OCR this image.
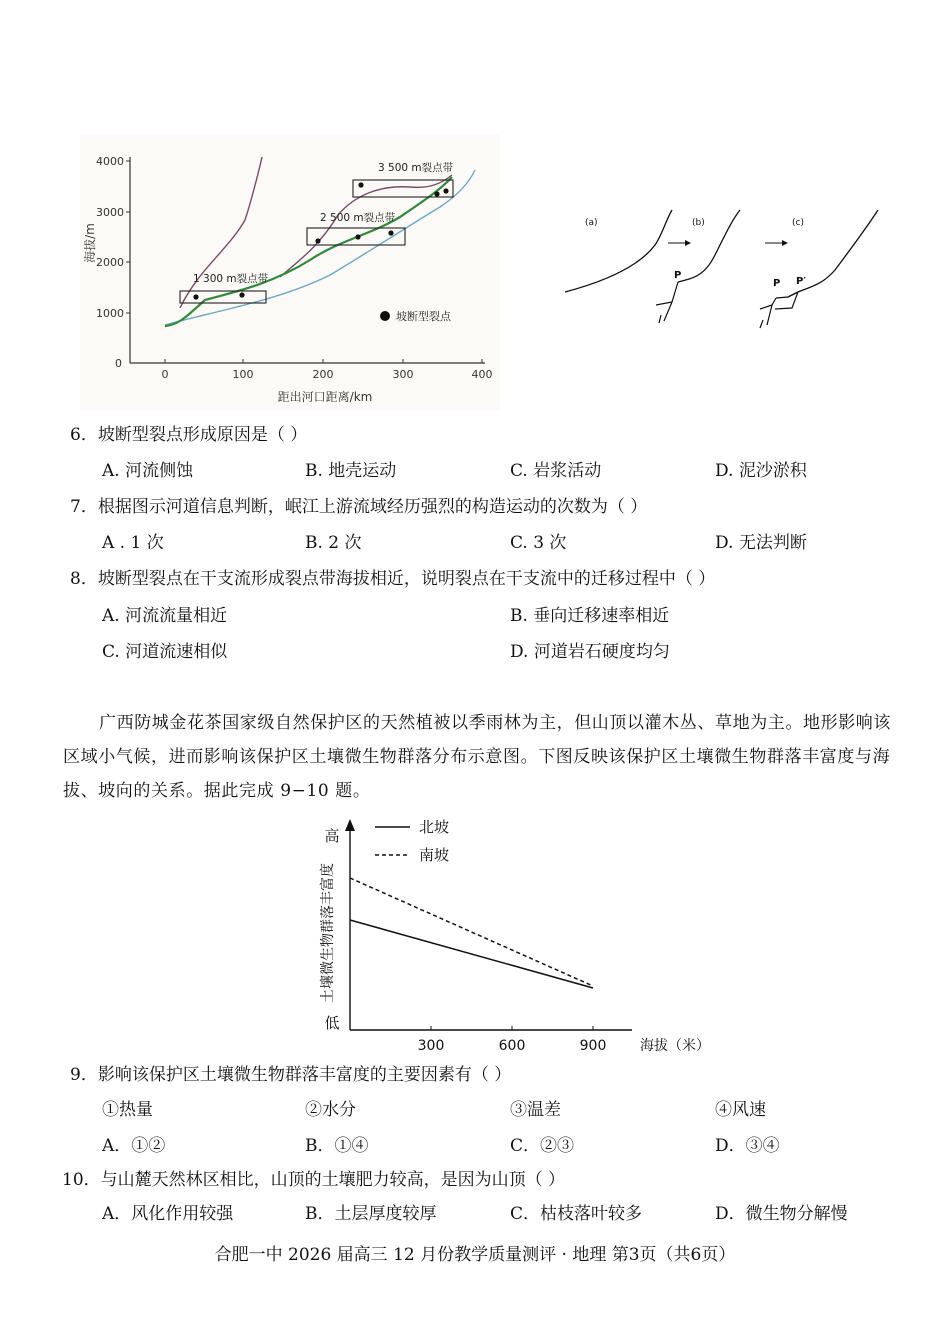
1000
2000
3000
4000
0
0	100	200	300	400
海拔/m
距出河口距离/km
1 300 m裂点带
2 500 m裂点带
3 500 m裂点带
坡断型裂点
(a)	(b)	(c)
P
P P′
6．坡断型裂点形成原因是（ ）
A. 河流侧蚀	B. 地壳运动	C. 岩浆活动	D. 泥沙淤积
7．根据图示河道信息判断，岷江上游流域经历强烈的构造运动的次数为（ ）
A . 1 次	B. 2 次	C. 3 次	D. 无法判断
8．坡断型裂点在干支流形成裂点带海拔相近，说明裂点在干支流中的迁移过程中（ ）
A. 河流流量相近	B. 垂向迁移速率相近
C. 河道流速相似	D. 河道岩石硬度均匀
广西防城金花茶国家级自然保护区的天然植被以季雨林为主，但山顶以灌木丛、草地为主。地形影响该区域小气候，进而影响该保护区土壤微生物群落分布示意图。下图反映该保护区土壤微生物群落丰富度与海拔、坡向的关系。据此完成 9−10 题。
高
低
土壤微生物群落丰富度
300	600	900 海拔（米）
北坡
南坡
9．影响该保护区土壤微生物群落丰富度的主要因素有（ ）
①热量	②水分	③温差	④风速
A．①②	B．①④	C．②③	D．③④
10．与山麓天然林区相比，山顶的土壤肥力较高，是因为山顶（ ）
A．风化作用较强	B．土层厚度较厚	C．枯枝落叶较多	D．微生物分解慢
合肥一中 2026 届高三 12 月份教学质量测评 · 地理 第3页（共6页）
